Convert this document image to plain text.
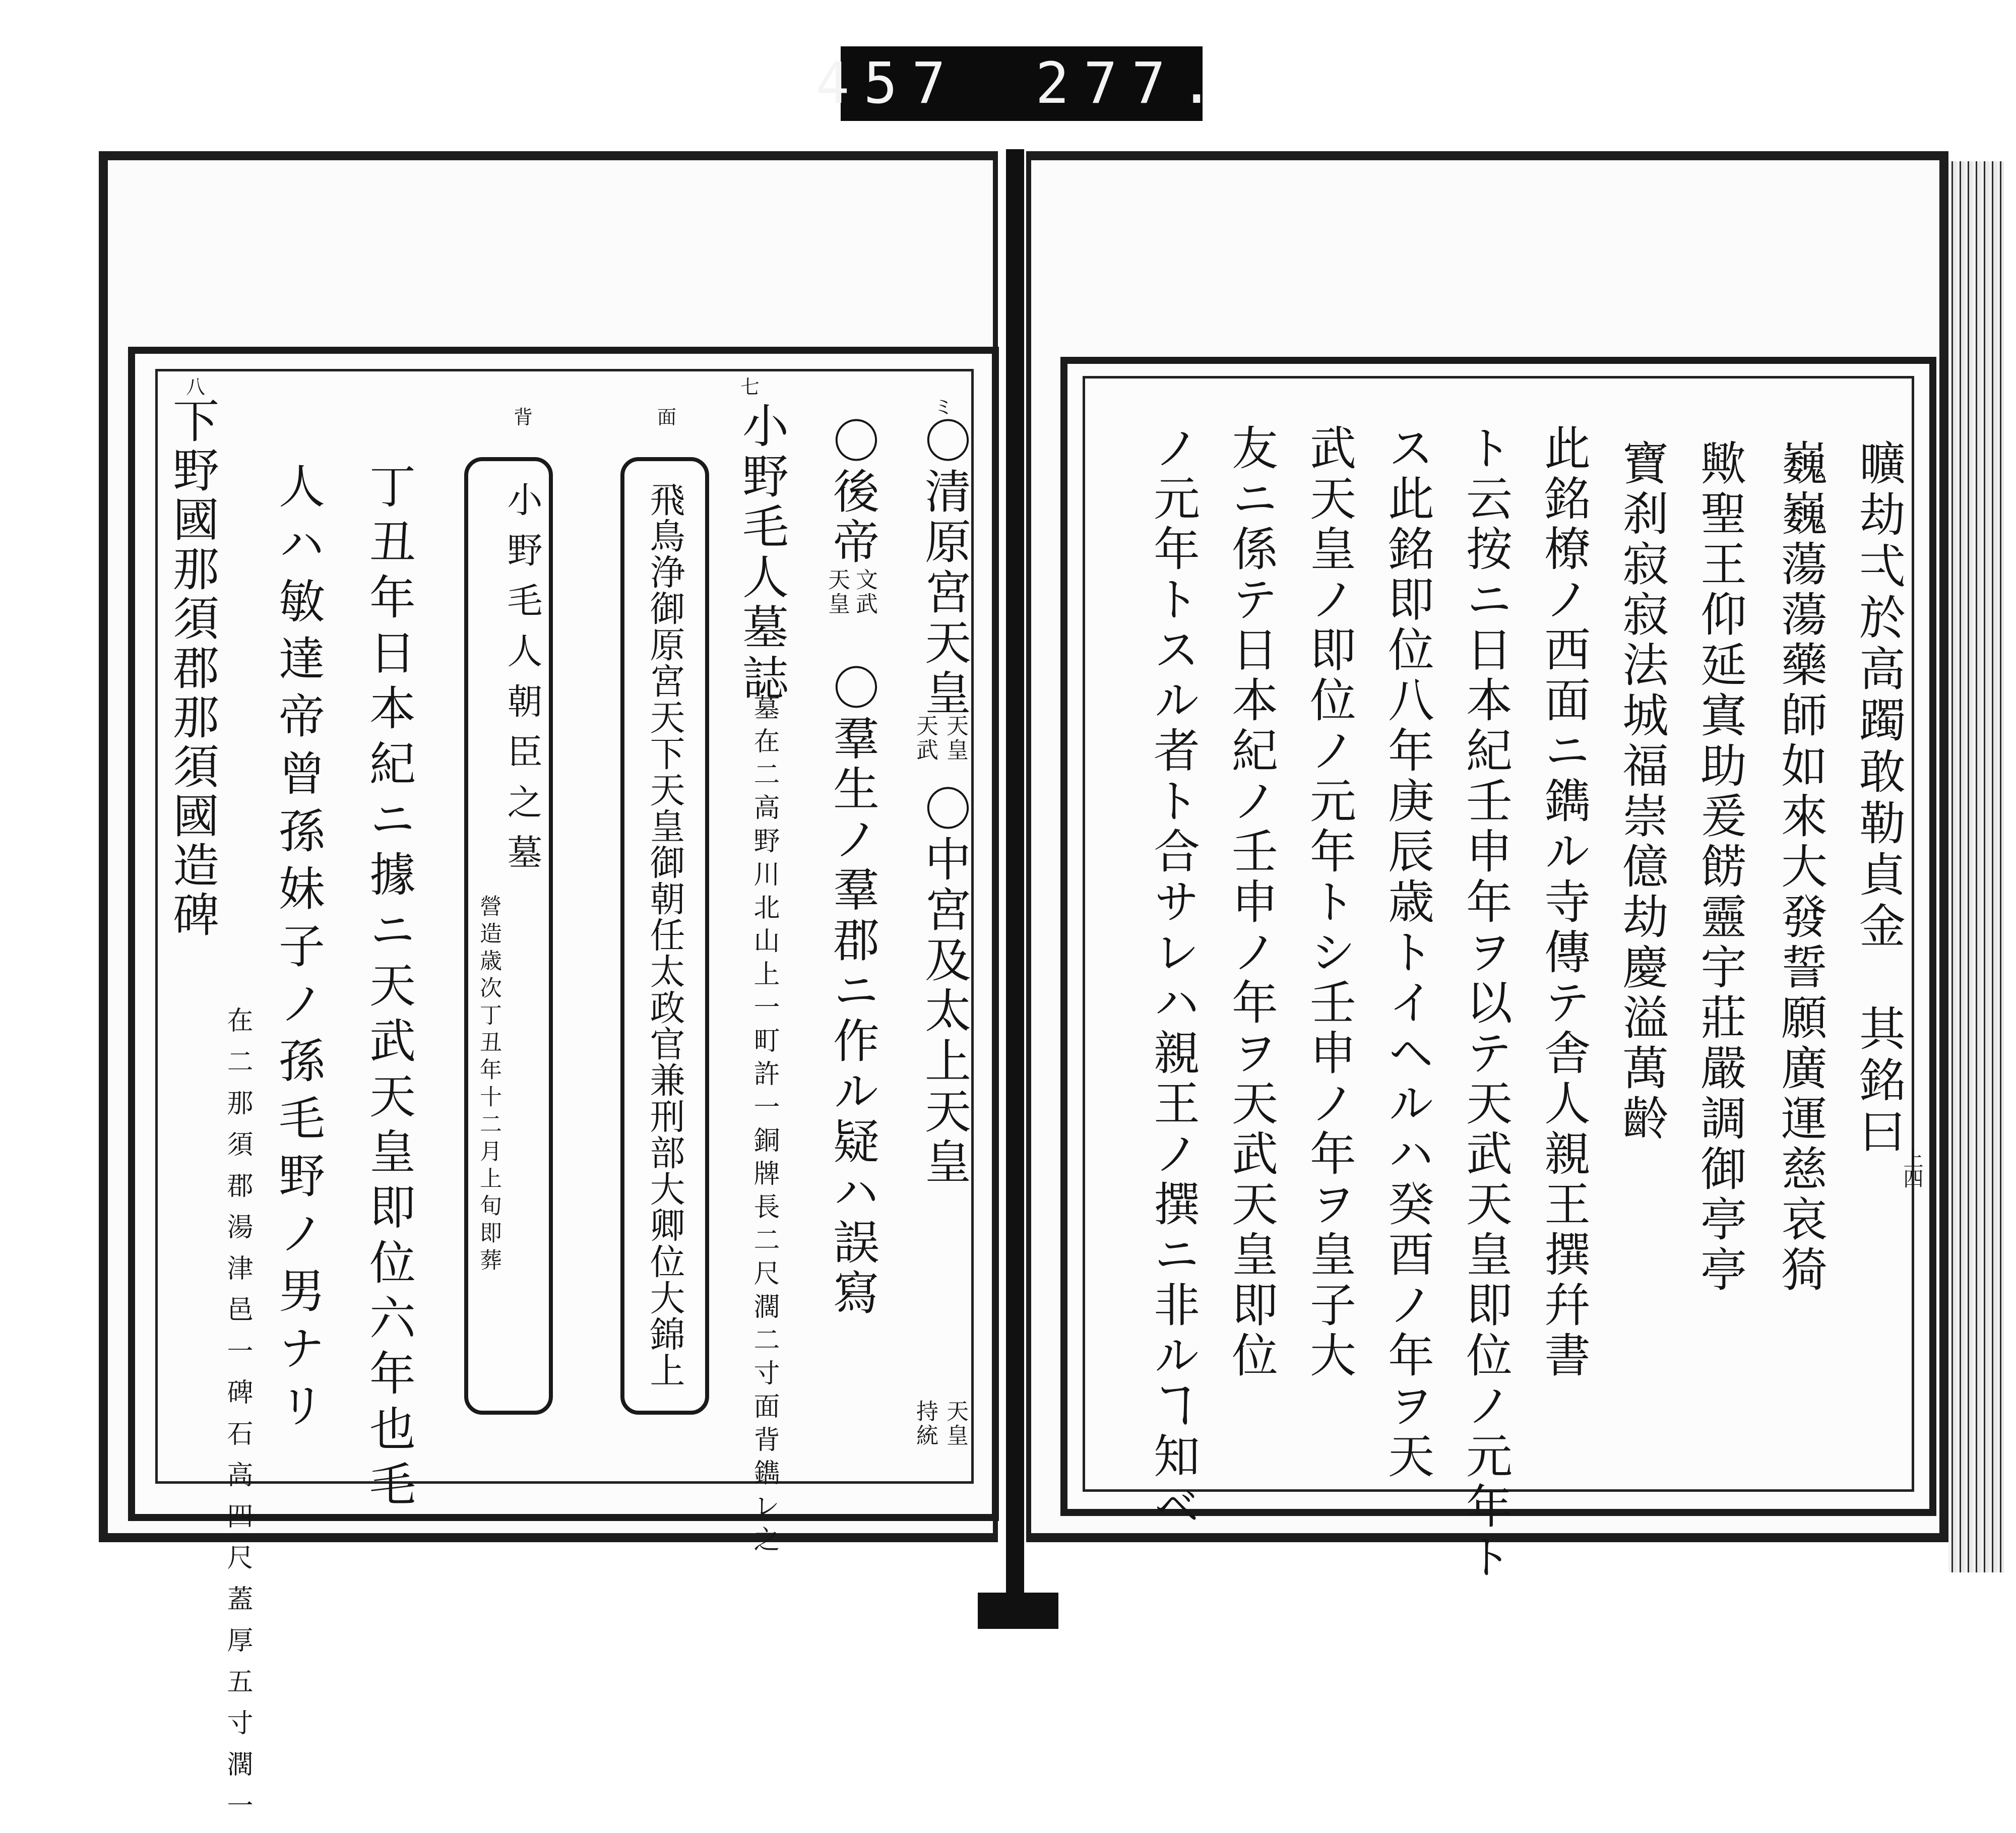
457 277.
ミ
〇清原宮天皇
天武 天皇
〇中宮及太上天皇
持統 天皇
〇後帝
文武
天皇
〇羣生ノ羣郡ニ作ル疑ハ誤寫
七
小野毛人墓誌
墓在二高野川北山上一町許一銅牌長二尺濶二寸面背鐫レ之
面
飛鳥浄御原宮天下天皇御朝任太政官兼刑部大卿位大錦上
背
小野毛人朝臣之墓
營造歳次丁丑年十二月上旬即葬
丁丑年日本紀ニ據ニ天武天皇即位六年也毛
人ハ敏達帝曾孫妹子ノ孫毛野ノ男ナリ
八
下野國那須郡那須國造碑
在二那須郡湯津邑一碑石高四尺蓋厚五寸濶一
曠劫弌於高躅敢勒貞金　其銘曰
巍巍蕩蕩藥師如來大發誓願廣運慈哀猗
歟聖王仰延寘助爰餝靈宇莊嚴調御亭亭
寶刹寂寂法城福崇億劫慶溢萬齡
此銘橑ノ西面ニ鐫ル寺傳テ舎人親王撰幷書
ト云按ニ日本紀壬申年ヲ以テ天武天皇即位ノ元年ト
ス此銘即位八年庚辰歳トイヘルハ癸酉ノ年ヲ天
武天皇ノ即位ノ元年トシ壬申ノ年ヲ皇子大
友ニ係テ日本紀ノ壬申ノ年ヲ天武天皇即位
ノ元年トスル者ト合サレハ親王ノ撰ニ非ルヿ知ベ	上四
